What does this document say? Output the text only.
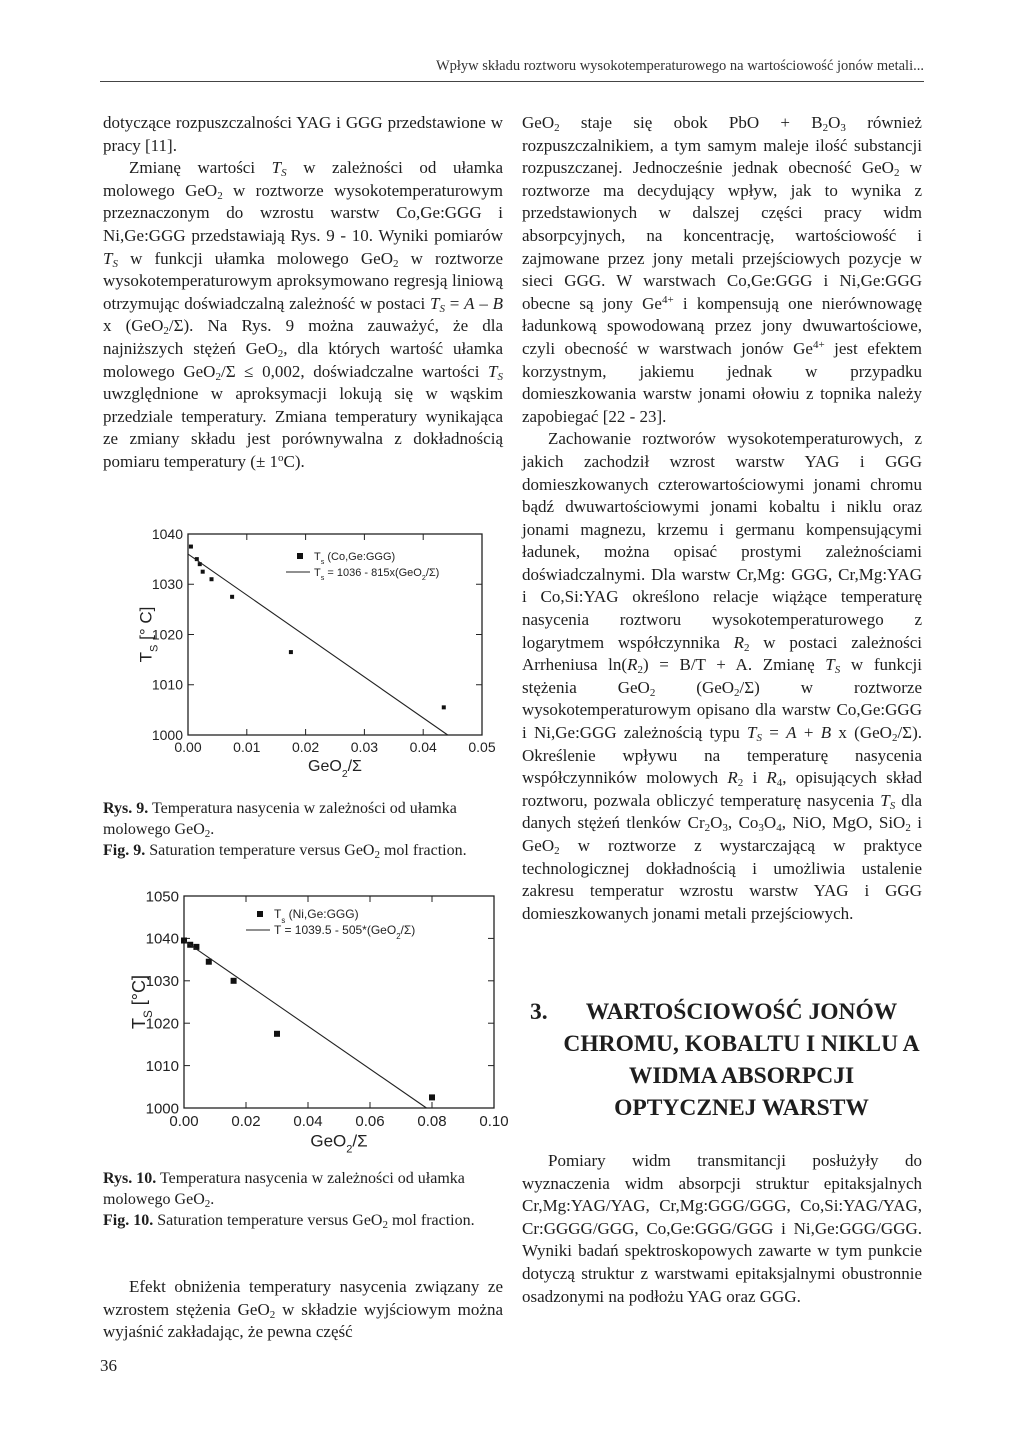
Wpływ składu roztworu wysokotemperaturowego na wartościowość jonów metali...

dotyczące rozpuszczalności YAG i GGG przedstawione w pracy [11].

Zmianę wartości $T_S$ w zależności od ułamka molowego GeO$_2$ w roztworze wysokotemperaturowym przeznaczonym do wzrostu warstw Co,Ge:GGG i Ni,Ge:GGG przedstawiają Rys. 9 - 10. Wyniki pomiarów $T_S$ w funkcji ułamka molowego GeO$_2$ w roztworze wysokotemperaturowym aproksymowano regresją liniową otrzymując doświadczalną zależność w postaci $T_S = A - B$ x (GeO$_2$/Σ). Na Rys. 9 można zauważyć, że dla najniższych stężeń GeO$_2$, dla których wartość ułamka molowego GeO$_2$/Σ ≤ 0,002, doświadczalne wartości $T_S$ uwzględnione w aproksymacji lokują się w wąskim przedziale temperatury. Zmiana temperatury wynikająca ze zmiany składu jest porównywalna z dokładnością pomiaru temperatury (± $1^oC$).

0.00 0.01 0.02 0.03 0.04 0.05
1000
1010
1020
1030
1040
GeO$_2$/Σ
$T_S$ [° C]
$T_s$ (Co,Ge:GGG)
$T_s = 1036 - 815x(GeO_2/\Sigma)$
Rys. 9. Temperatura nasycenia w zależności od ułamka molowego GeO$_2$.
Fig. 9. Saturation temperature versus GeO$_2$ mol fraction.
0.00 0.02 0.04 0.06 0.08 0.10
1000
1010
1020
1030
1040
1050
GeO$_2$/Σ
$T_S$ [°C]
$T_s$ (Ni,Ge:GGG)
T = 1039.5 - 505*(GeO$_2$/Σ)
Rys. 10. Temperatura nasycenia w zależności od ułamka molowego GeO$_2$.
Fig. 10. Saturation temperature versus GeO$_2$ mol fraction.

Efekt obniżenia temperatury nasycenia związany ze wzrostem stężenia GeO$_2$ w składzie wyjściowym można wyjaśnić zakładając, że pewna część

36

GeO$_2$ staje się obok PbO + $B_2O_3$ również rozpuszczalnikiem, a tym samym maleje ilość substancji rozpuszczanej. Jednocześnie jednak obecność GeO$_2$ w roztworze ma decydujący wpływ, jak to wynika z przedstawionych w dalszej części pracy widm absorpcyjnych, na koncentrację, wartościowość i zajmowane przez jony metali przejściowych pozycje w sieci GGG. W warstwach Co,Ge:GGG i Ni,Ge:GGG obecne są jony $Ge^{4+}$ i kompensują one nierównowagę ładunkową spowodowaną przez jony dwuwartościowe, czyli obecność w warstwach jonów $Ge^{4+}$ jest efektem korzystnym, jakiemu jednak w przypadku domieszkowania warstw jonami ołowiu z topnika należy zapobiegać [22 - 23].

Zachowanie roztworów wysokotemperaturowych, z jakich zachodził wzrost warstw YAG i GGG domieszkowanych czterowartościowymi jonami chromu bądź dwuwartościowymi jonami kobaltu i niklu oraz jonami magnezu, krzemu i germanu kompensującymi ładunek, można opisać prostymi zależnościami doświadczalnymi. Dla warstw Cr,Mg: GGG, Cr,Mg:YAG i Co,Si:YAG określono relacje wiążące temperaturę nasycenia roztworu wysokotemperaturowego z logarytmem współczynnika $R_2$ w postaci zależności Arrheniusa $\ln(R_2) = B/T + A$. Zmianę $T_S$ w funkcji stężenia GeO$_2$ (GeO$_2$/Σ) w roztworze wysokotemperaturowym opisano dla warstw Co,Ge:GGG i Ni,Ge:GGG zależnością typu $T_S = A + B$ x (GeO$_2$/Σ). Określenie wpływu na temperaturę nasycenia współczynników molowych $R_2$ i $R_4$, opisujących skład roztworu, pozwala obliczyć temperaturę nasycenia $T_S$ dla danych stężeń tlenków $Cr_2O_3$, $Co_3O_4$, NiO, MgO, SiO$_2$ i GeO$_2$ w roztworze z wystarczającą w praktyce technologicznej dokładnością i umożliwia ustalenie zakresu temperatur wzrostu warstw YAG i GGG domieszkowanych jonami metali przejściowych.

3.	WARTOŚCIOWOŚĆ JONÓW CHROMU, KOBALTU I NIKLU A WIDMA ABSORPCJI OPTYCZNEJ WARSTW

Pomiary widm transmitancji posłużyły do wyznaczenia widm absorpcji struktur epitaksjalnych Cr,Mg:YAG/YAG, Cr,Mg:GGG/GGG, Co,Si:YAG/YAG, Cr:GGGG/GGG, Co,Ge:GGG/GGG i Ni,Ge:GGG/GGG. Wyniki badań spektroskopowych zawarte w tym punkcie dotyczą struktur z warstwami epitaksjalnymi obustronnie osadzonymi na podłożu YAG oraz GGG.
